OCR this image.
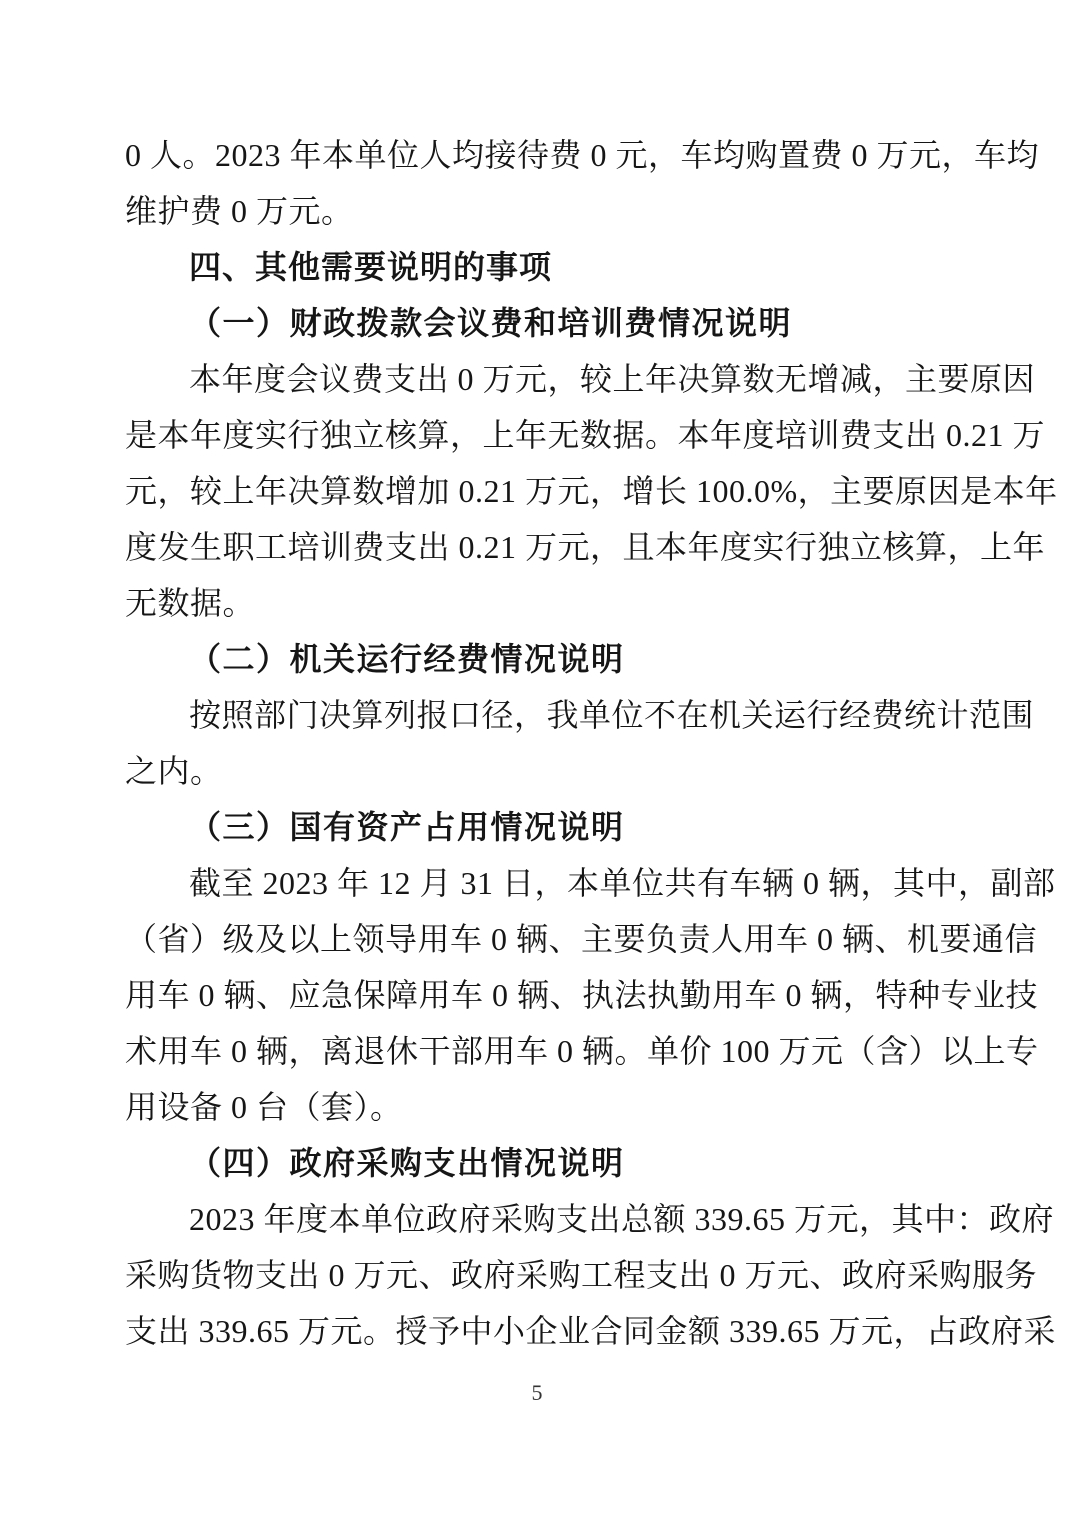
0 人。2023 年本单位人均接待费 0 元，车均购置费 0 万元，车均
维护费 0 万元。
四、其他需要说明的事项
（一）财政拨款会议费和培训费情况说明
本年度会议费支出 0 万元，较上年决算数无增减，主要原因
是本年度实行独立核算，上年无数据。本年度培训费支出 0.21 万
元，较上年决算数增加 0.21 万元，增长 100.0%，主要原因是本年
度发生职工培训费支出 0.21 万元，且本年度实行独立核算，上年
无数据。
（二）机关运行经费情况说明
按照部门决算列报口径，我单位不在机关运行经费统计范围
之内。
（三）国有资产占用情况说明
截至 2023 年 12 月 31 日，本单位共有车辆 0 辆，其中，副部
（省）级及以上领导用车 0 辆、主要负责人用车 0 辆、机要通信
用车 0 辆、应急保障用车 0 辆、执法执勤用车 0 辆，特种专业技
术用车 0 辆，离退休干部用车 0 辆。单价 100 万元（含）以上专
用设备 0 台（套）。
（四）政府采购支出情况说明
2023 年度本单位政府采购支出总额 339.65 万元，其中：政府
采购货物支出 0 万元、政府采购工程支出 0 万元、政府采购服务
支出 339.65 万元。授予中小企业合同金额 339.65 万元，占政府采
5
